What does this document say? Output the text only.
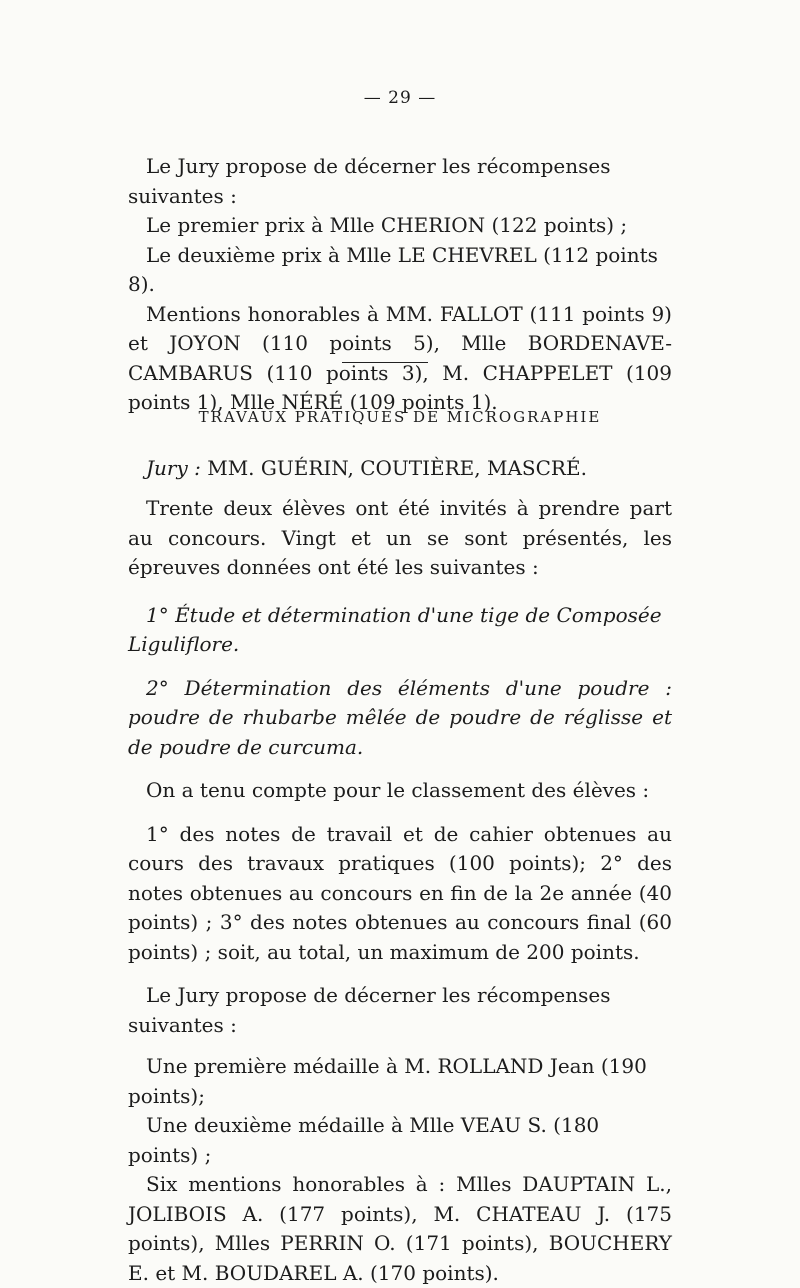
— 29 —

Le Jury propose de décerner les récompenses suivantes :

Le premier prix à Mlle CHERION (122 points) ;

Le deuxième prix à Mlle LE CHEVREL (112 points 8).

Mentions honorables à MM. FALLOT (111 points 9) et JOYON (110 points 5), Mlle BORDENAVE-CAMBARUS (110 points 3), M. CHAPPELET (109 points 1), Mlle NÉRÉ (109 points 1).

TRAVAUX PRATIQUES DE MICROGRAPHIE
Jury : MM. GUÉRIN, COUTIÈRE, MASCRÉ.

Trente deux élèves ont été invités à prendre part au concours. Vingt et un se sont présentés, les épreuves données ont été les suivantes :

1° Étude et détermination d'une tige de Composée Liguliflore.

2° Détermination des éléments d'une poudre : poudre de rhubarbe mêlée de poudre de réglisse et de poudre de curcuma.

On a tenu compte pour le classement des élèves :

1° des notes de travail et de cahier obtenues au cours des travaux pratiques (100 points); 2° des notes obtenues au concours en fin de la 2e année (40 points) ; 3° des notes obtenues au concours final (60 points) ; soit, au total, un maximum de 200 points.

Le Jury propose de décerner les récompenses suivantes :

Une première médaille à M. ROLLAND Jean (190 points);

Une deuxième médaille à Mlle VEAU S. (180 points) ;

Six mentions honorables à : Mlles DAUPTAIN L., JOLIBOIS A. (177 points), M. CHATEAU J. (175 points), Mlles PERRIN O. (171 points), BOUCHERY E. et M. BOUDAREL A. (170 points).
